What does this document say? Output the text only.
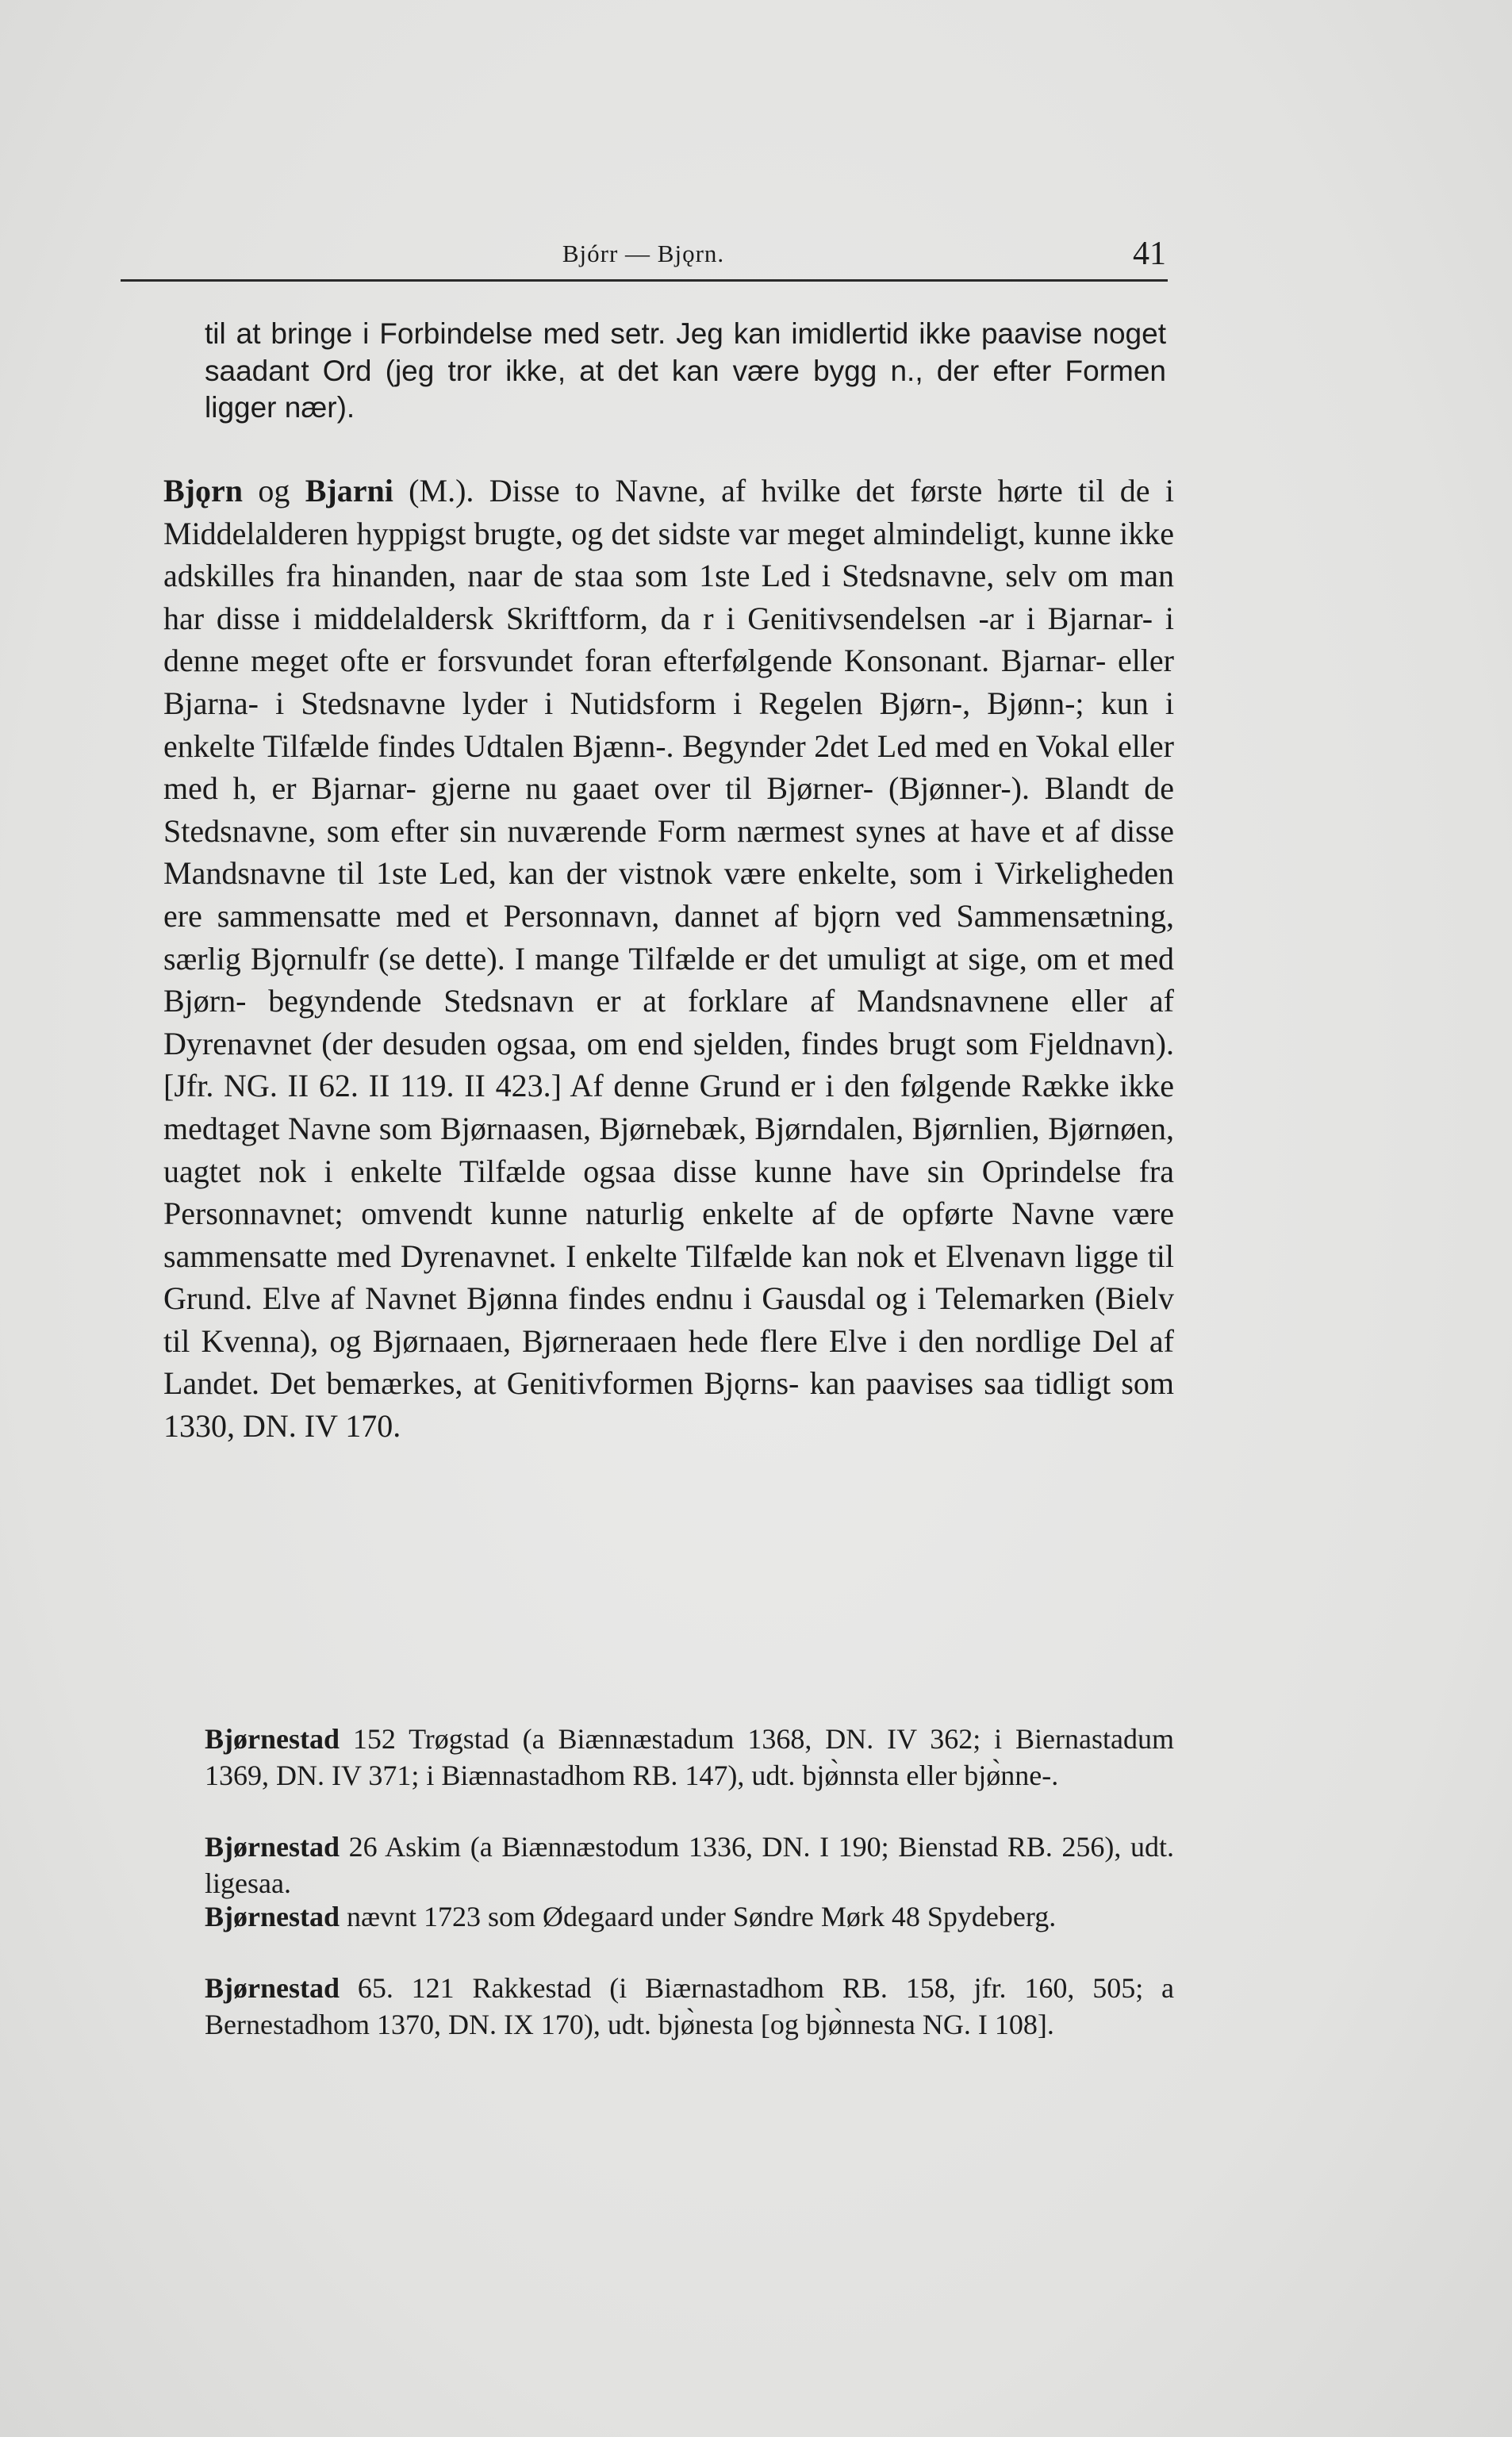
Bjórr — Bjǫrn.	41
til at bringe i Forbindelse med setr. Jeg kan imidlertid ikke paavise noget saadant Ord (jeg tror ikke, at det kan være bygg n., der efter Formen ligger nær).
Bjǫrn og Bjarni (M.). Disse to Navne, af hvilke det første hørte til de i Middelalderen hyppigst brugte, og det sidste var meget almindeligt, kunne ikke adskilles fra hinanden, naar de staa som 1ste Led i Stedsnavne, selv om man har disse i middelaldersk Skriftform, da r i Genitivsendelsen -ar i Bjarnar- i denne meget ofte er forsvundet foran efterfølgende Konsonant. Bjarnar- eller Bjarna- i Stedsnavne lyder i Nutidsform i Regelen Bjørn-, Bjønn-; kun i enkelte Tilfælde findes Udtalen Bjænn-. Begynder 2det Led med en Vokal eller med h, er Bjarnar- gjerne nu gaaet over til Bjørner- (Bjønner-). Blandt de Stedsnavne, som efter sin nuværende Form nærmest synes at have et af disse Mandsnavne til 1ste Led, kan der vistnok være enkelte, som i Virkeligheden ere sammensatte med et Personnavn, dannet af bjǫrn ved Sammensætning, særlig Bjǫrnulfr (se dette). I mange Tilfælde er det umuligt at sige, om et med Bjørn- begyndende Stedsnavn er at forklare af Mandsnavnene eller af Dyrenavnet (der desuden ogsaa, om end sjelden, findes brugt som Fjeldnavn). [Jfr. NG. II 62. II 119. II 423.] Af denne Grund er i den følgende Række ikke medtaget Navne som Bjørnaasen, Bjørnebæk, Bjørndalen, Bjørnlien, Bjørnøen, uagtet nok i enkelte Tilfælde ogsaa disse kunne have sin Oprindelse fra Personnavnet; omvendt kunne naturlig enkelte af de opførte Navne være sammensatte med Dyrenavnet. I enkelte Tilfælde kan nok et Elvenavn ligge til Grund. Elve af Navnet Bjønna findes endnu i Gausdal og i Telemarken (Bielv til Kvenna), og Bjørnaaen, Bjørneraaen hede flere Elve i den nordlige Del af Landet. Det bemærkes, at Genitivformen Bjǫrns- kan paavises saa tidligt som 1330, DN. IV 170.
Bjørnestad 152 Trøgstad (a Biænnæstadum 1368, DN. IV 362; i Biernastadum 1369, DN. IV 371; i Biænnastadhom RB. 147), udt. bjø̀nnsta eller bjø̀nne-.
Bjørnestad 26 Askim (a Biænnæstodum 1336, DN. I 190; Bienstad RB. 256), udt. ligesaa.
Bjørnestad nævnt 1723 som Ødegaard under Søndre Mørk 48 Spydeberg.
Bjørnestad 65. 121 Rakkestad (i Biærnastadhom RB. 158, jfr. 160, 505; a Bernestadhom 1370, DN. IX 170), udt. bjø̀nesta [og bjø̀nnesta NG. I 108].
